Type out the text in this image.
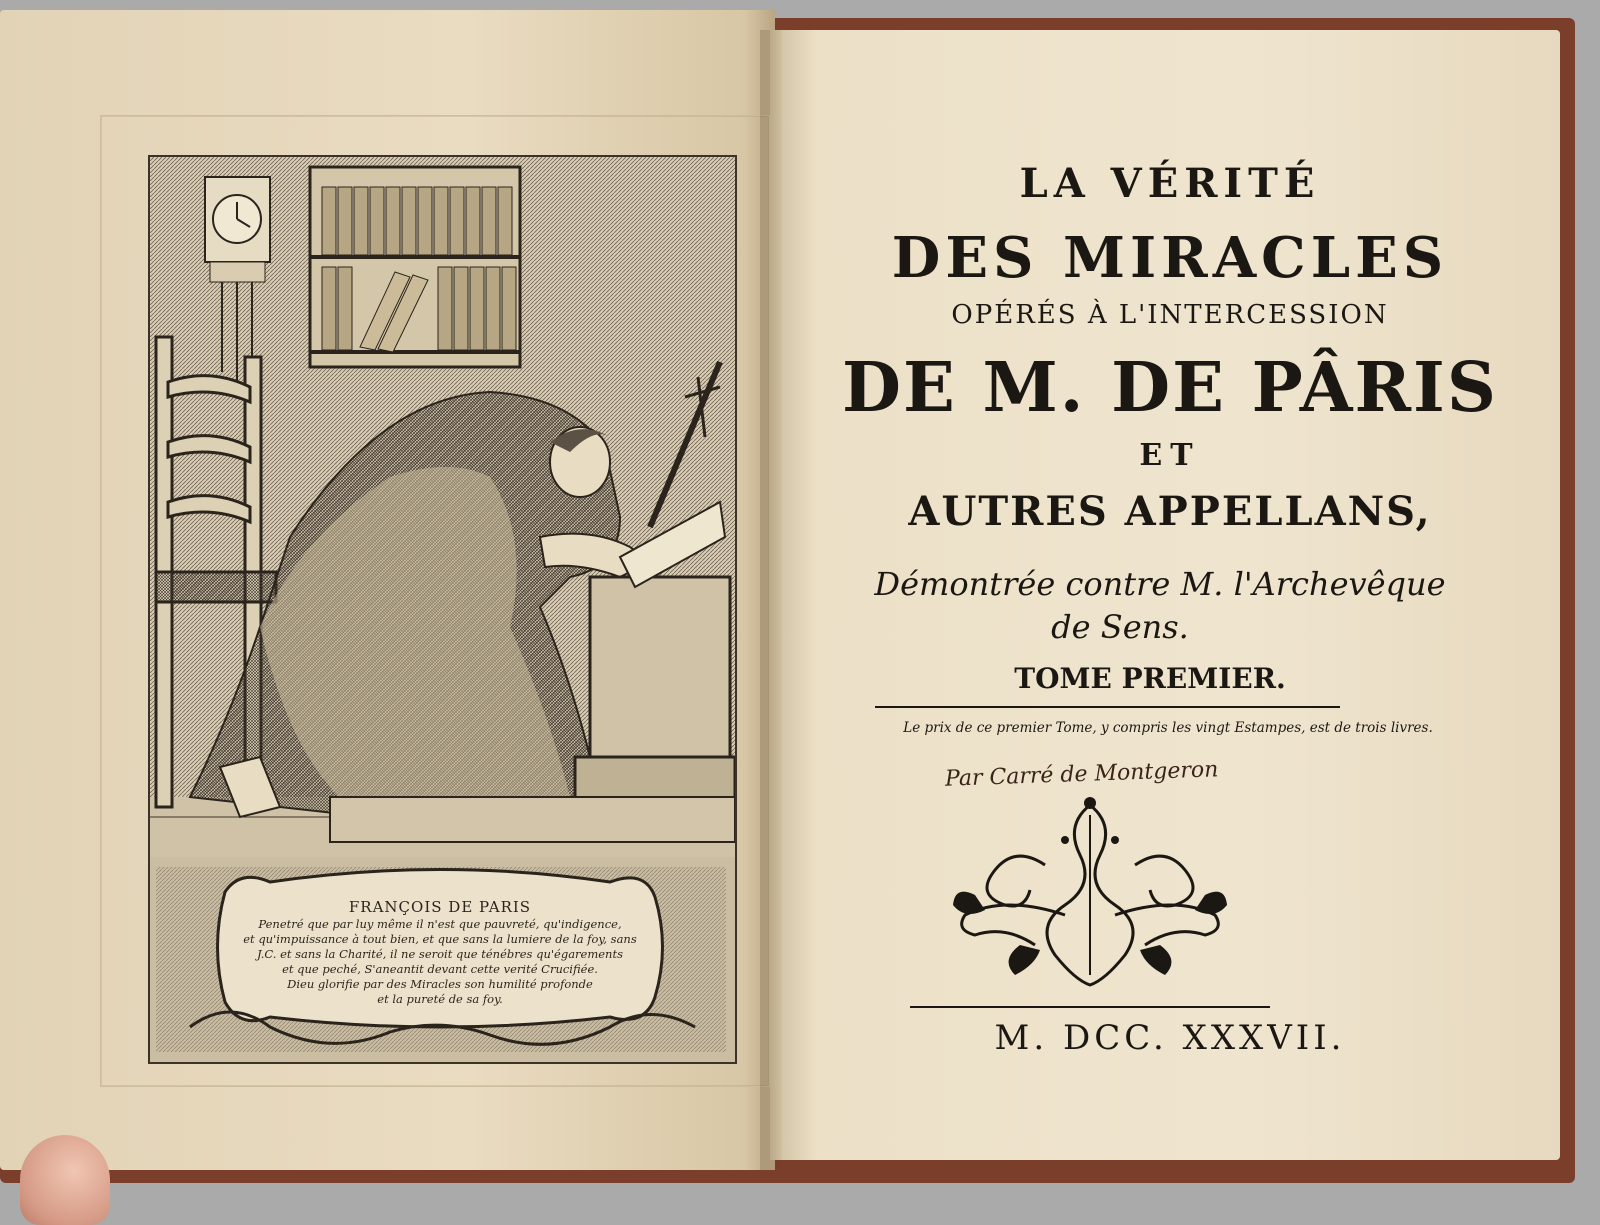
FRANÇOIS DE PARIS
Penetré que par luy même il n'est que pauvreté, qu'indigence,
et qu'impuissance à tout bien, et que sans la lumiere de la foy, sans
J.C. et sans la Charité, il ne seroit que ténébres qu'égarements
et que peché, S'aneantit devant cette verité Crucifiée.
Dieu glorifie par des Miracles son humilité profonde
et la pureté de sa foy.
LA VÉRITÉ
DES MIRACLES
OPÉRÉS À L'INTERCESSION
DE M. DE PÂRIS
ET
AUTRES APPELLANS,
Démontrée contre M. l'Archevêque
de Sens.
TOME PREMIER.
Le prix de ce premier Tome, y compris les vingt Estampes, est de trois livres.
M. DCC. XXXVII.
Par Carré de Montgeron
